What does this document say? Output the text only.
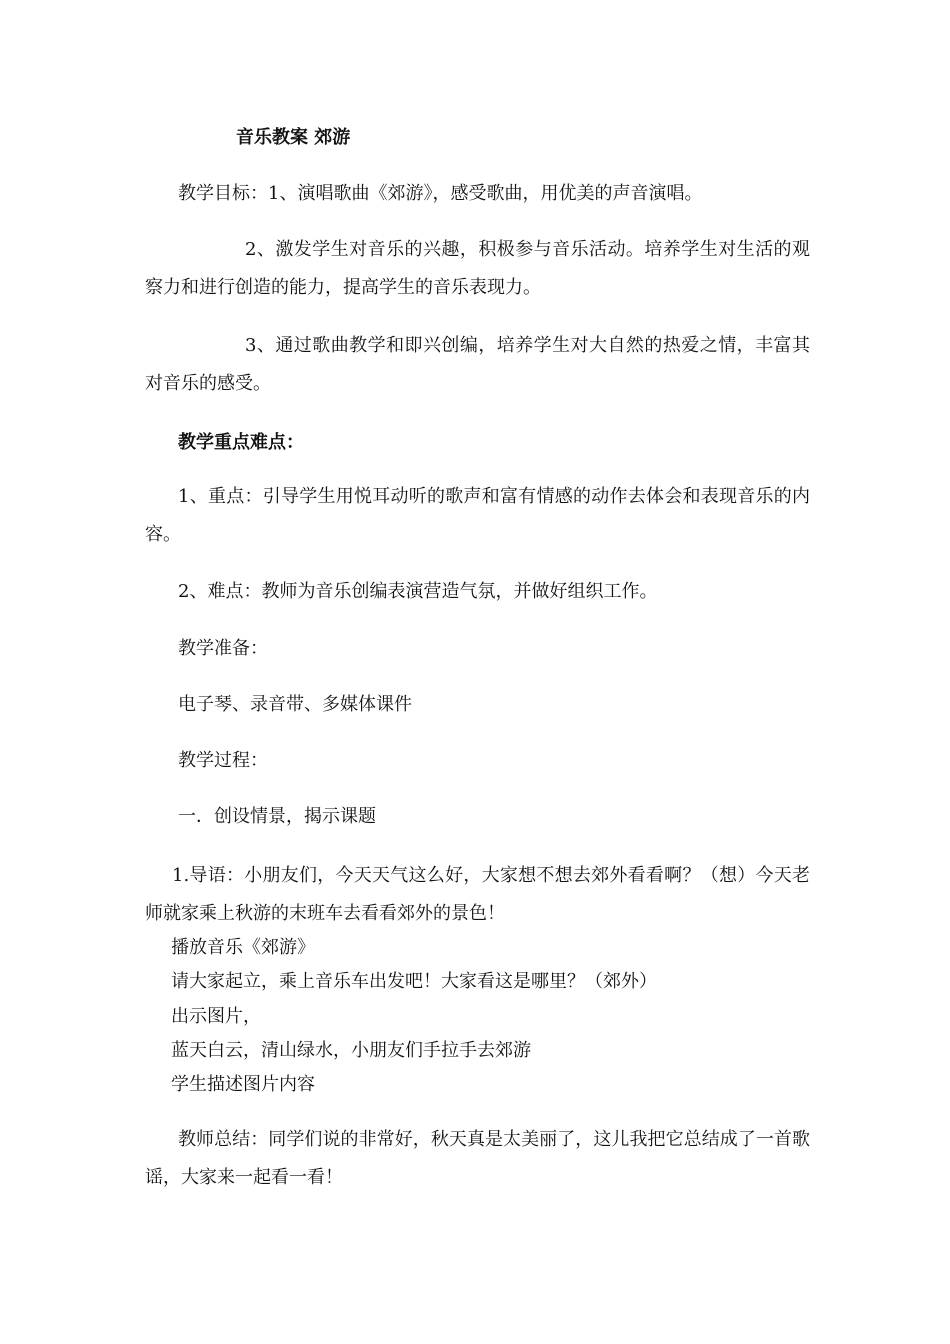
音乐教案 郊游
教学目标：1、演唱歌曲《郊游》，感受歌曲，用优美的声音演唱。
2、激发学生对音乐的兴趣，积极参与音乐活动。培养学生对生活的观察力和进行创造的能力，提高学生的音乐表现力。
3、通过歌曲教学和即兴创编，培养学生对大自然的热爱之情，丰富其对音乐的感受。
教学重点难点：
1、重点：引导学生用悦耳动听的歌声和富有情感的动作去体会和表现音乐的内容。
2、难点：教师为音乐创编表演营造气氛，并做好组织工作。
教学准备：
电子琴、录音带、多媒体课件
教学过程：
一．创设情景，揭示课题
1.导语：小朋友们，今天天气这么好，大家想不想去郊外看看啊？（想）今天老师就家乘上秋游的末班车去看看郊外的景色！
播放音乐《郊游》
请大家起立，乘上音乐车出发吧！大家看这是哪里？（郊外）
出示图片，
蓝天白云，清山绿水，小朋友们手拉手去郊游
学生描述图片内容
教师总结：同学们说的非常好，秋天真是太美丽了，这儿我把它总结成了一首歌谣，大家来一起看一看！
